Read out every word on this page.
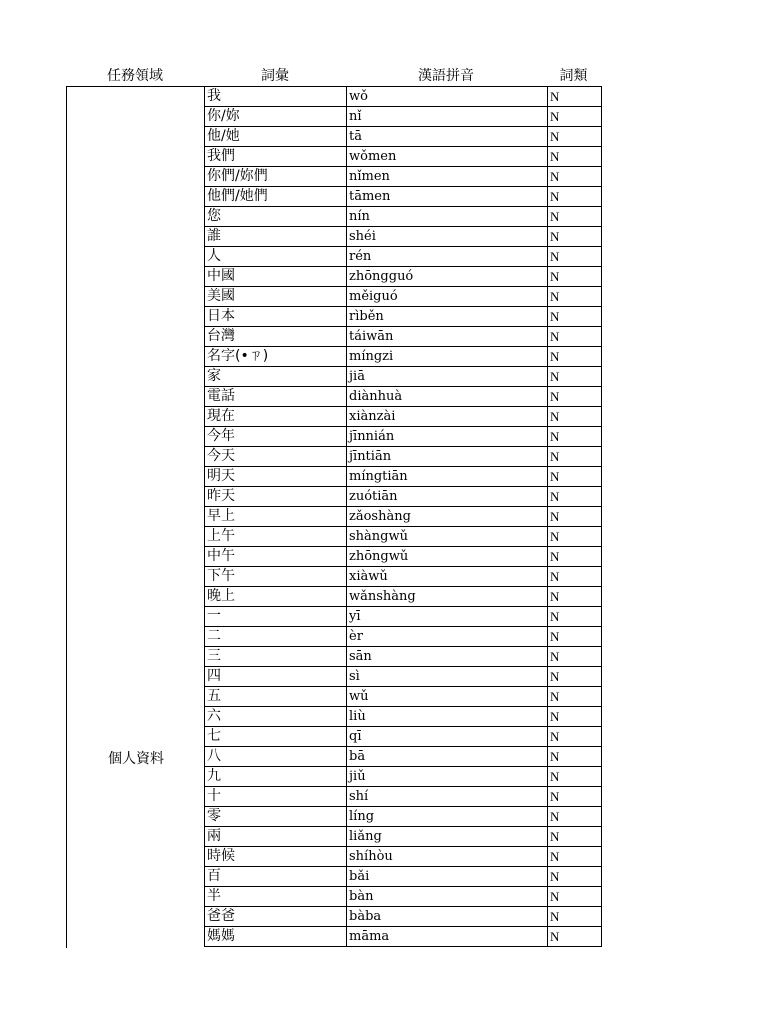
任務領域	詞彙	漢語拼音	詞類
個人資料
我	wǒ	N
你/妳	nǐ	N
他/她	tā	N
我們	wǒmen	N
你們/妳們	nǐmen	N
他們/她們	tāmen	N
您	nín	N
誰	shéi	N
人	rén	N
中國	zhōngguó	N
美國	měiguó	N
日本	rìběn	N
台灣	táiwān	N
名字(•ㄗ)	míngzi	N
家	jiā	N
電話	diànhuà	N
現在	xiànzài	N
今年	jīnnián	N
今天	jīntiān	N
明天	míngtiān	N
昨天	zuótiān	N
早上	zǎoshàng	N
上午	shàngwǔ	N
中午	zhōngwǔ	N
下午	xiàwǔ	N
晚上	wǎnshàng	N
一	yī	N
二	èr	N
三	sān	N
四	sì	N
五	wǔ	N
六	liù	N
七	qī	N
八	bā	N
九	jiǔ	N
十	shí	N
零	líng	N
兩	liǎng	N
時候	shíhòu	N
百	bǎi	N
半	bàn	N
爸爸	bàba	N
媽媽	māma	N
